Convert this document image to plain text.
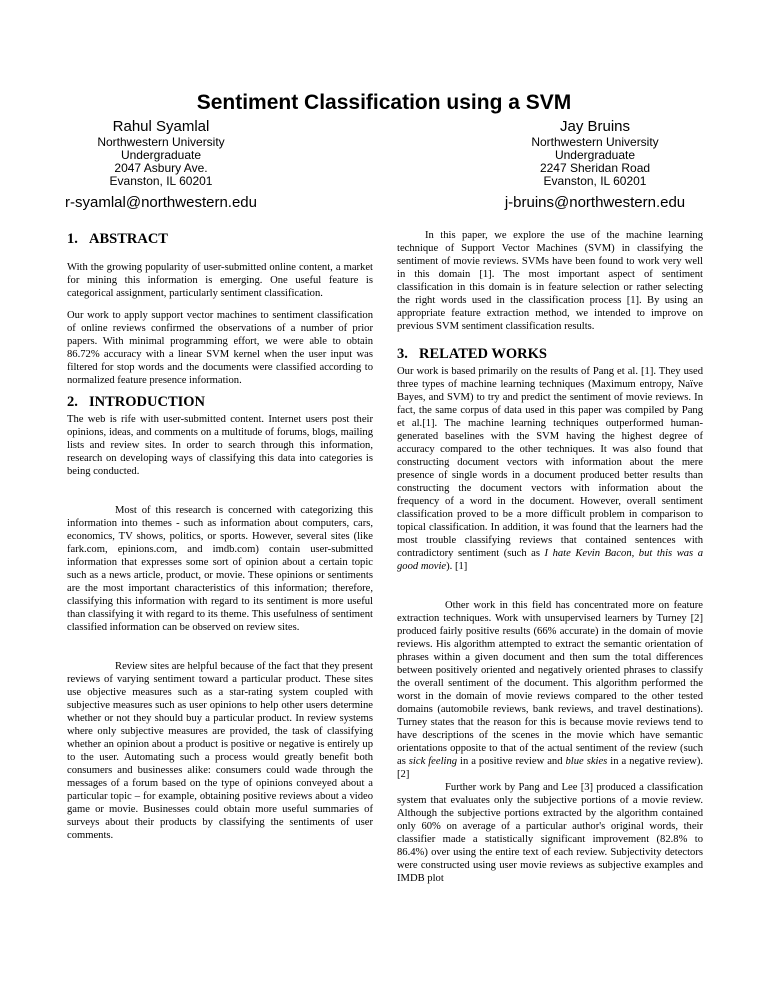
Sentiment Classification using a SVM
Rahul Syamlal
Northwestern University
Undergraduate
2047 Asbury Ave.
Evanston, IL 60201
r-syamlal@northwestern.edu
Jay Bruins
Northwestern University
Undergraduate
2247 Sheridan Road
Evanston, IL 60201
j-bruins@northwestern.edu
1. ABSTRACT

With the growing popularity of user-submitted online content, a market for mining this information is emerging. One useful feature is categorical assignment, particularly sentiment classification.

Our work to apply support vector machines to sentiment classification of online reviews confirmed the observations of a number of prior papers. With minimal programming effort, we were able to obtain 86.72% accuracy with a linear SVM kernel when the user input was filtered for stop words and the documents were classified according to normalized feature presence information.

2. INTRODUCTION

The web is rife with user-submitted content. Internet users post their opinions, ideas, and comments on a multitude of forums, blogs, mailing lists and review sites. In order to search through this information, research on developing ways of classifying this data into categories is being conducted.

Most of this research is concerned with categorizing this information into themes - such as information about computers, cars, economics, TV shows, politics, or sports. However, several sites (like fark.com, epinions.com, and imdb.com) contain user-submitted information that expresses some sort of opinion about a certain topic such as a news article, product, or movie. These opinions or sentiments are the most important characteristics of this information; therefore, classifying this information with regard to its sentiment is more useful than classifying it with regard to its theme. This usefulness of sentiment classified information can be observed on review sites.

Review sites are helpful because of the fact that they present reviews of varying sentiment toward a particular product. These sites use objective measures such as a star-rating system coupled with subjective measures such as user opinions to help other users determine whether or not they should buy a particular product. In review systems where only subjective measures are provided, the task of classifying whether an opinion about a product is positive or negative is entirely up to the user. Automating such a process would greatly benefit both consumers and businesses alike: consumers could wade through the messages of a forum based on the type of opinions conveyed about a particular topic – for example, obtaining positive reviews about a video game or movie. Businesses could obtain more useful summaries of surveys about their products by classifying the sentiments of user comments.

In this paper, we explore the use of the machine learning technique of Support Vector Machines (SVM) in classifying the sentiment of movie reviews. SVMs have been found to work very well in this domain [1]. The most important aspect of sentiment classification in this domain is in feature selection or rather selecting the right words used in the classification process [1]. By using an appropriate feature extraction method, we intended to improve on previous SVM sentiment classification results.

3. RELATED WORKS

Our work is based primarily on the results of Pang et al. [1]. They used three types of machine learning techniques (Maximum entropy, Naïve Bayes, and SVM) to try and predict the sentiment of movie reviews. In fact, the same corpus of data used in this paper was compiled by Pang et al.[1]. The machine learning techniques outperformed human-generated baselines with the SVM having the highest degree of accuracy compared to the other techniques. It was also found that constructing document vectors with information about the mere presence of single words in a document produced better results than constructing the document vectors with information about the frequency of a word in the document. However, overall sentiment classification proved to be a more difficult problem in comparison to topical classification. In addition, it was found that the learners had the most trouble classifying reviews that contained sentences with contradictory sentiment (such as I hate Kevin Bacon, but this was a good movie). [1]

Other work in this field has concentrated more on feature extraction techniques. Work with unsupervised learners by Turney [2] produced fairly positive results (66% accurate) in the domain of movie reviews. His algorithm attempted to extract the semantic orientation of phrases within a given document and then sum the total differences between positively oriented and negatively oriented phrases to classify the overall sentiment of the document. This algorithm performed the worst in the domain of movie reviews compared to the other tested domains (automobile reviews, bank reviews, and travel destinations). Turney states that the reason for this is because movie reviews tend to have descriptions of the scenes in the movie which have semantic orientations opposite to that of the actual sentiment of the review (such as sick feeling in a positive review and blue skies in a negative review). [2]

Further work by Pang and Lee [3] produced a classification system that evaluates only the subjective portions of a movie review. Although the subjective portions extracted by the algorithm contained only 60% on average of a particular author's original words, their classifier made a statistically significant improvement (82.8% to 86.4%) over using the entire text of each review. Subjectivity detectors were constructed using user movie reviews as subjective examples and IMDB plot
